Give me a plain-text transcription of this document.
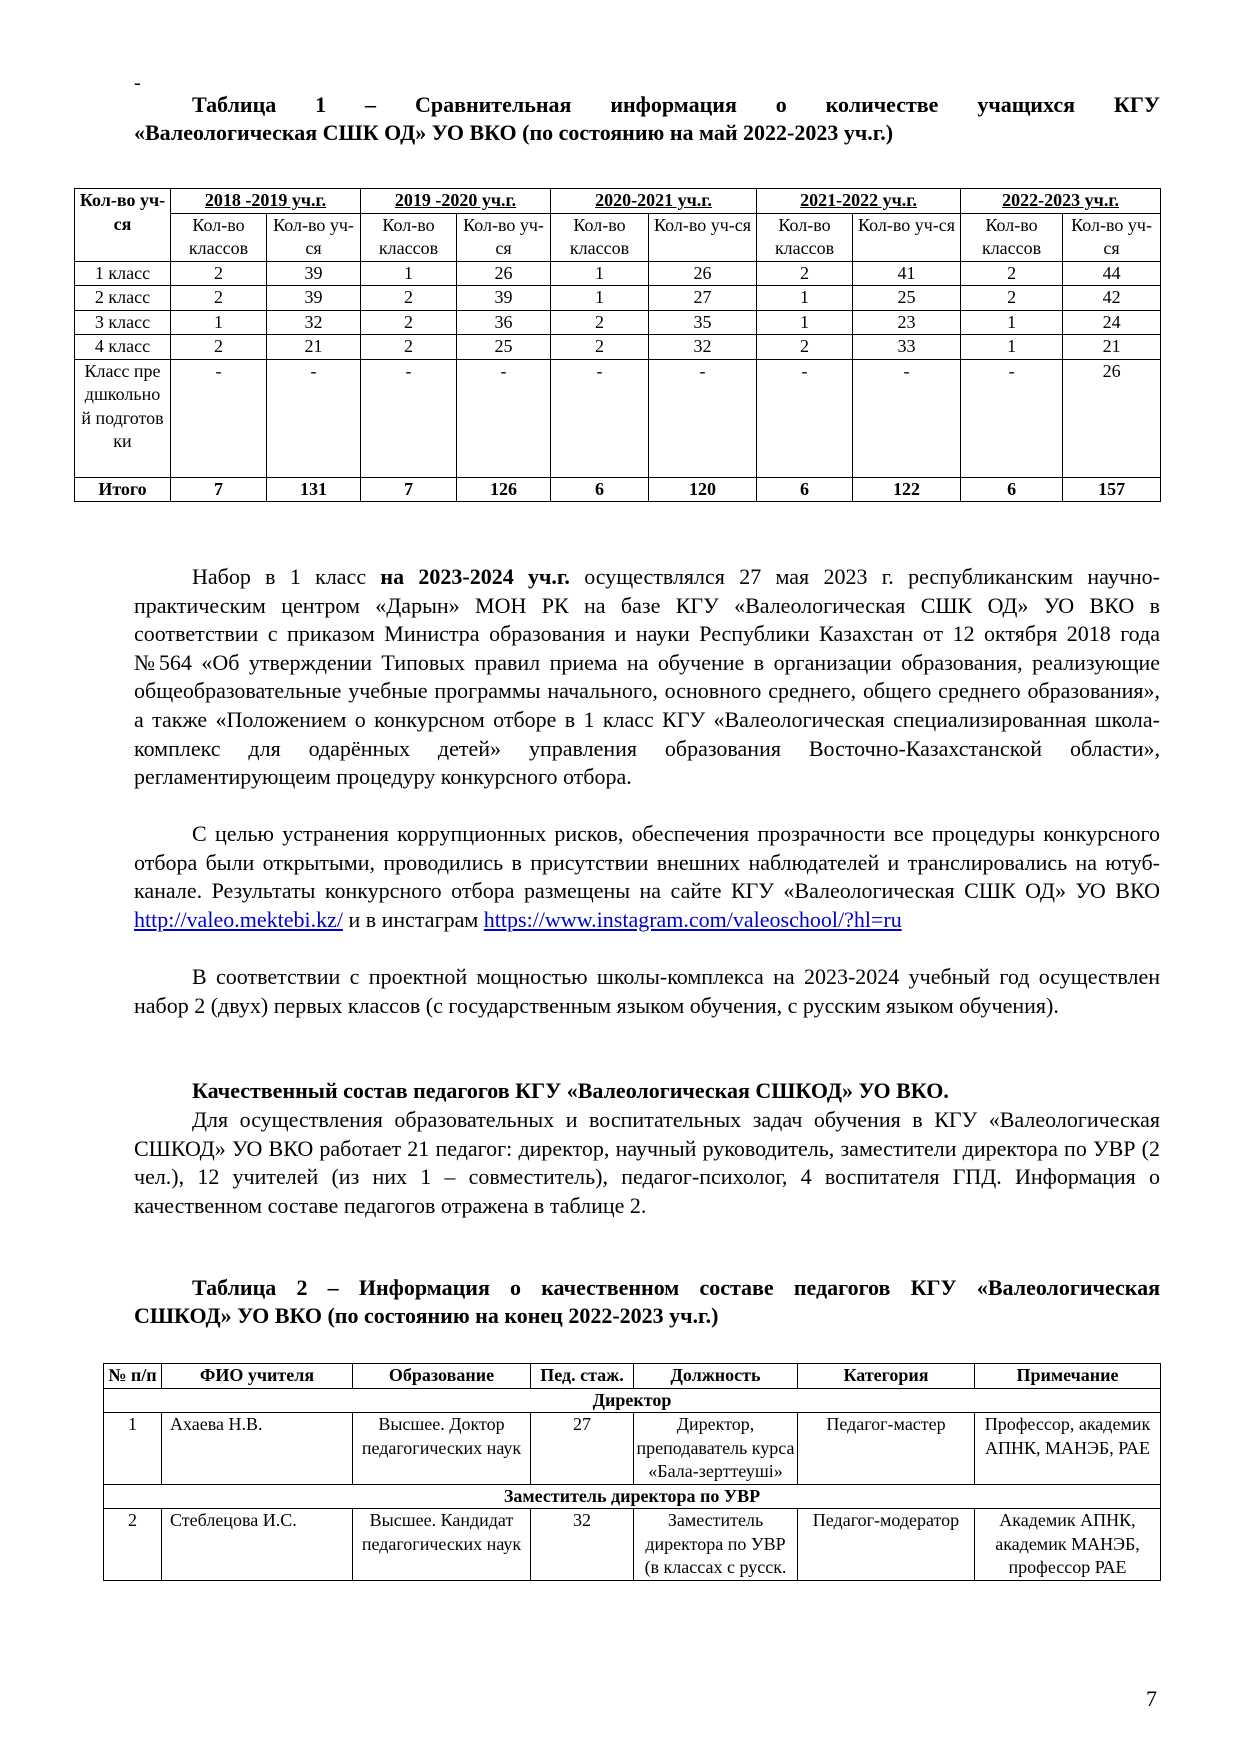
-
Таблица 1 – Сравнительная информация о количестве учащихся КГУ
«Валеологическая СШК ОД» УО ВКО (по состоянию на май 2022-2023 уч.г.)
Кол-во уч-ся	2018 -2019 уч.г.		2019 -2020 уч.г.		2020-2021 уч.г.		2021-2022 уч.г.		2022-2023 уч.г.	
	Кол-во классов	Кол-во уч-ся	Кол-во классов	Кол-во уч-ся	Кол-во классов	Кол-во уч-ся	Кол-во классов	Кол-во уч-ся	Кол-во классов	Кол-во уч-ся
1 класс	2	39	1	26	1	26	2	41	2	44
2 класс	2	39	2	39	1	27	1	25	2	42
3 класс	1	32	2	36	2	35	1	23	1	24
4 класс	2	21	2	25	2	32	2	33	1	21
Класс предшкольной подготовки	-	-	-	-	-	-	-	-	-	26
Итого	7	131	7	126	6	120	6	122	6	157

Набор в 1 класс на 2023-2024 уч.г. осуществлялся 27 мая 2023 г. республиканским научно-практическим центром «Дарын» МОН РК на базе КГУ «Валеологическая СШК ОД» УО ВКО в соответствии с приказом Министра образования и науки Республики Казахстан от 12 октября 2018 года №564 «Об утверждении Типовых правил приема на обучение в организации образования, реализующие общеобразовательные учебные программы начального, основного среднего, общего среднего образования», а также «Положением о конкурсном отборе в 1 класс КГУ «Валеологическая специализированная школа-комплекс для одарённых детей» управления образования Восточно-Казахстанской области», регламентирующеим процедуру конкурсного отбора.

С целью устранения коррупционных рисков, обеспечения прозрачности все процедуры конкурсного отбора были открытыми, проводились в присутствии внешних наблюдателей и транслировались на ютуб-канале. Результаты конкурсного отбора размещены на сайте КГУ «Валеологическая СШК ОД» УО ВКО http://valeo.mektebi.kz/ и в инстаграм https://www.instagram.com/valeoschool/?hl=ru

В соответствии с проектной мощностью школы-комплекса на 2023-2024 учебный год осуществлен набор 2 (двух) первых классов (с государственным языком обучения, с русским языком обучения).

Качественный состав педагогов КГУ «Валеологическая СШКОД» УО ВКО.

Для осуществления образовательных и воспитательных задач обучения в КГУ «Валеологическая СШКОД» УО ВКО работает 21 педагог: директор, научный руководитель, заместители директора по УВР (2 чел.), 12 учителей (из них 1 – совместитель), педагог-психолог, 4 воспитателя ГПД. Информация о качественном составе педагогов отражена в таблице 2.

Таблица 2 – Информация о качественном составе педагогов КГУ «Валеологическая
СШКОД» УО ВКО (по состоянию на конец 2022-2023 уч.г.)
№ п/п	ФИО учителя	Образование	Пед. стаж.	Должность	Категория	Примечание
Директор						
1	Ахаева Н.В.	Высшее. Доктор педагогических наук	27	Директор, преподаватель курса «Бала-зерттеуші»	Педагог-мастер	Профессор, академик АПНК, МАНЭБ, РАЕ
Заместитель директора по УВР						
2	Стеблецова И.С.	Высшее. Кандидат педагогических наук	32	Заместитель директора по УВР (в классах с русск.	Педагог-модератор	Академик АПНК, академик МАНЭБ, профессор РАЕ
7
